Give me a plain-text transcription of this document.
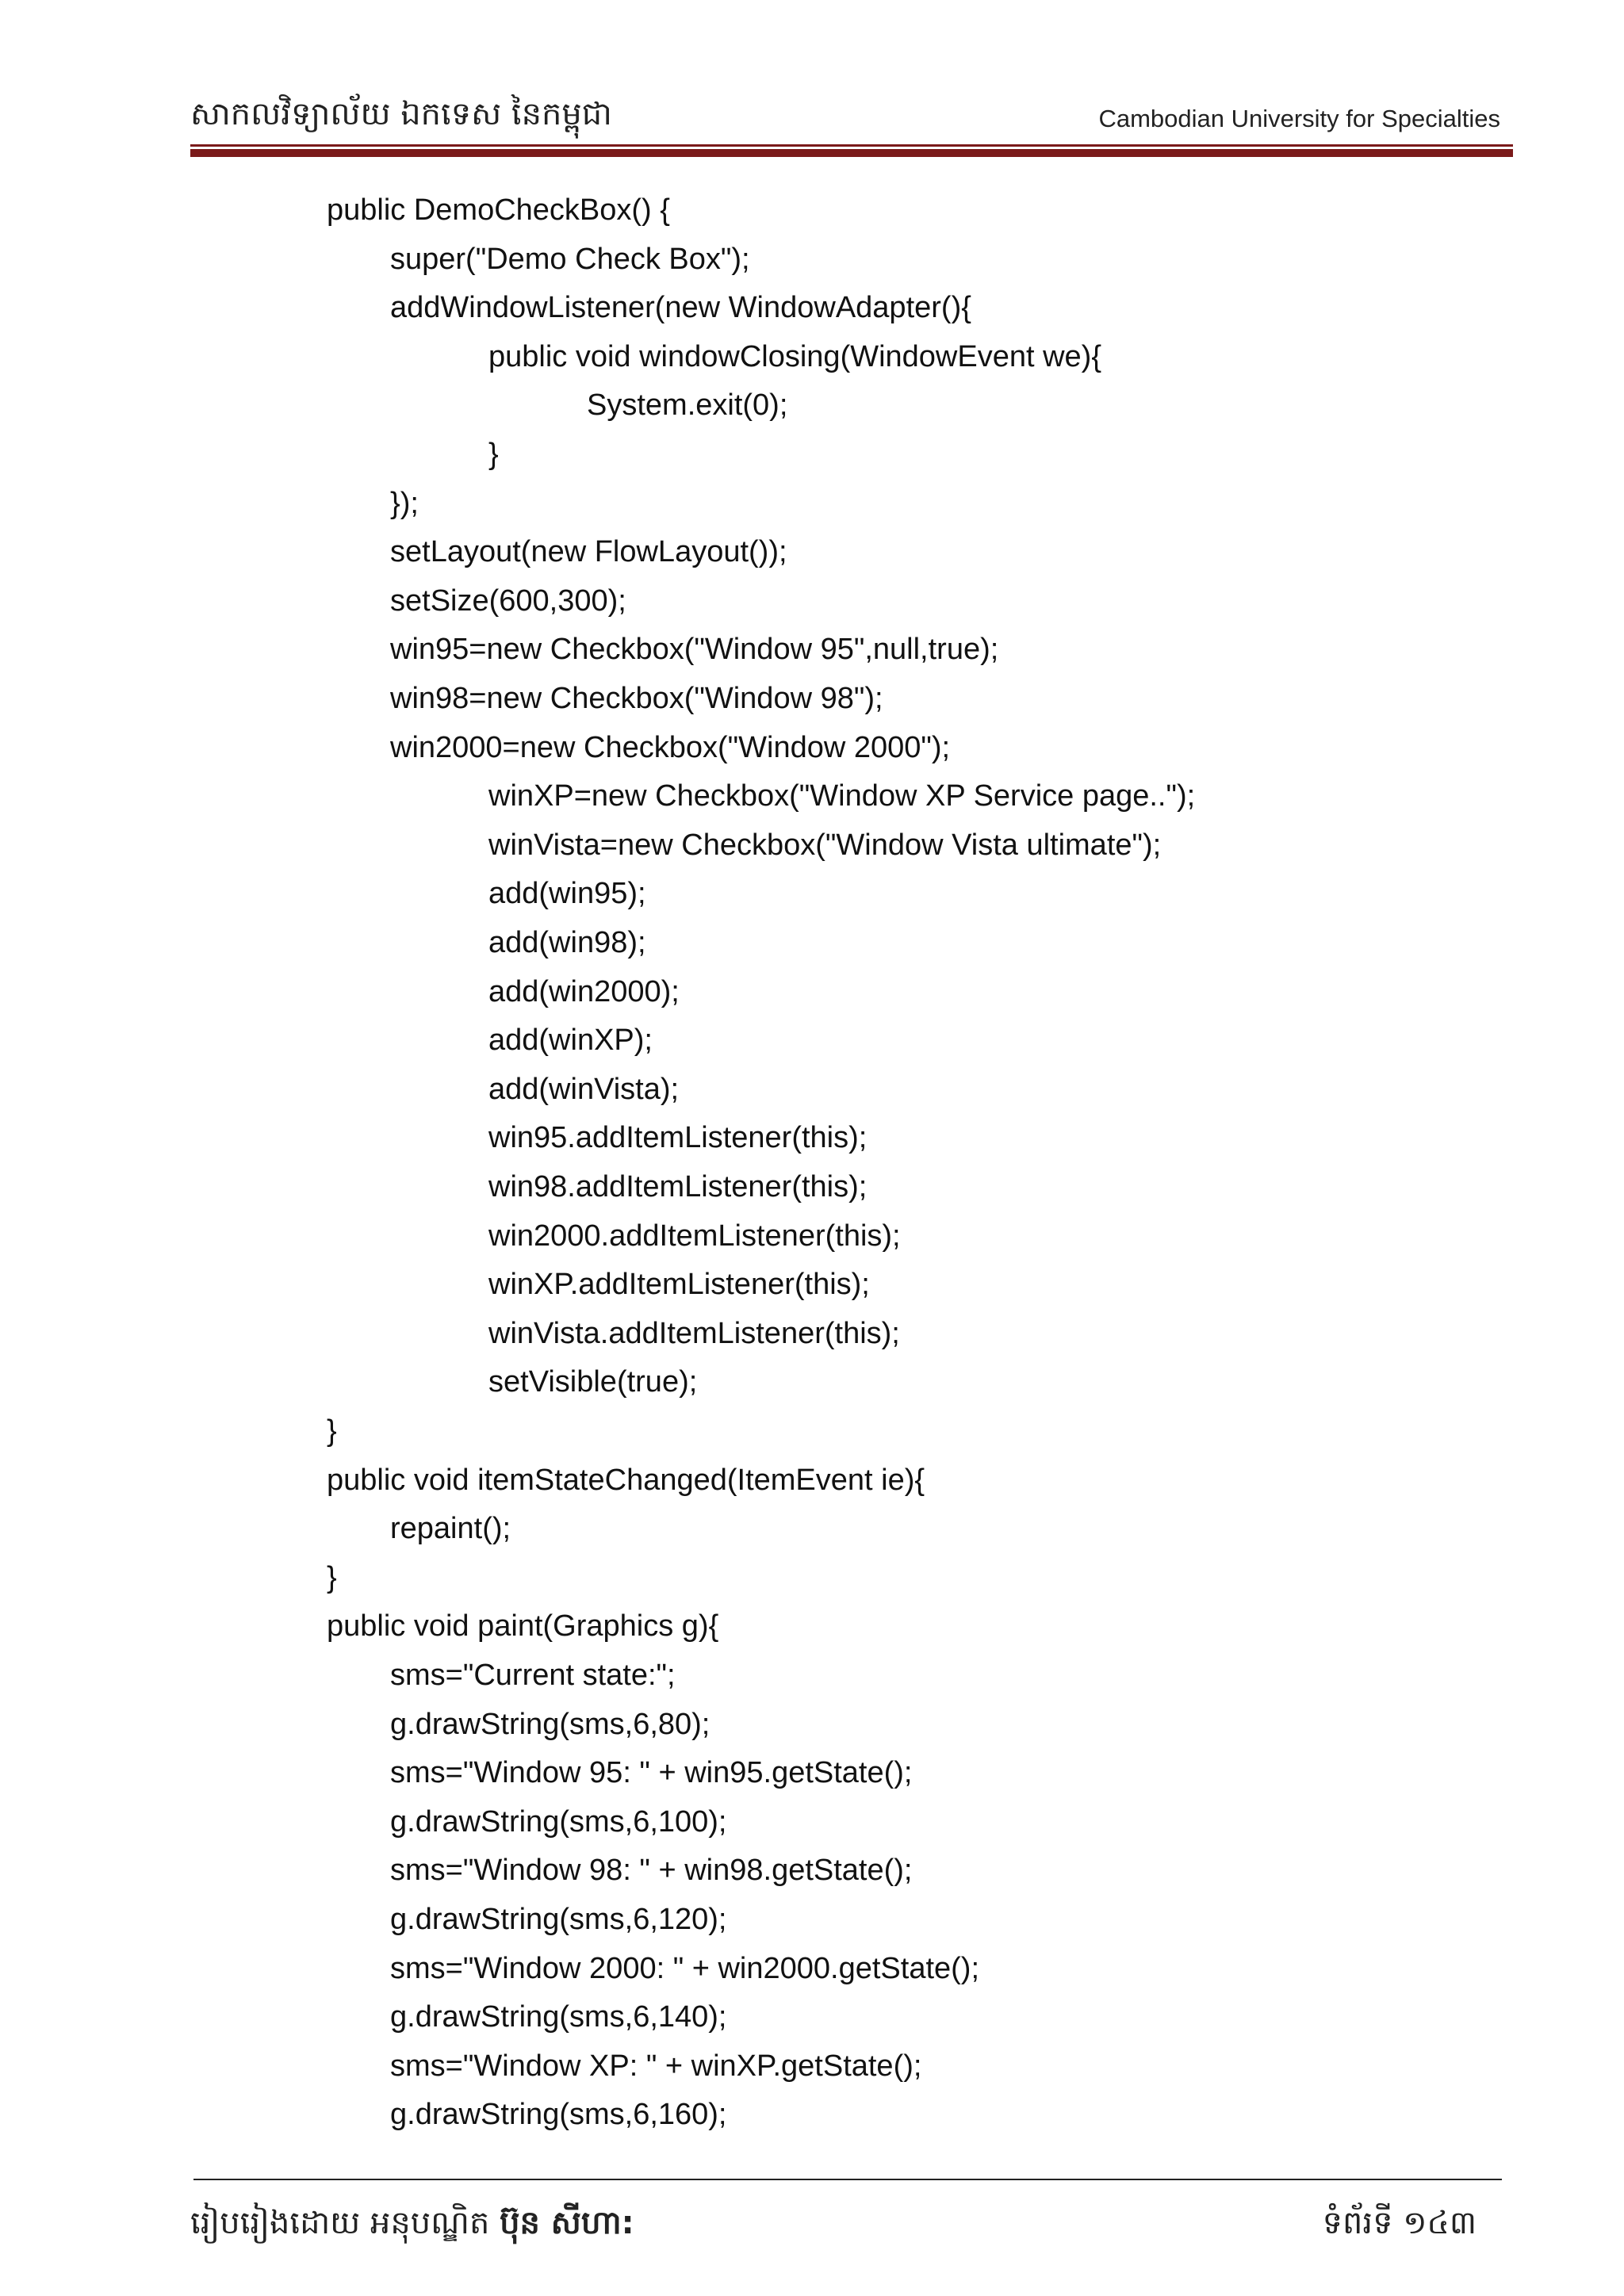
សាកលវិទ្យាល័យ ឯកទេស នៃកម្ពុជា	Cambodian University for Specialties
public DemoCheckBox() {
super("Demo Check Box");
addWindowListener(new WindowAdapter(){
public void windowClosing(WindowEvent we){
System.exit(0);
}
});
setLayout(new FlowLayout());
setSize(600,300);
win95=new Checkbox("Window 95",null,true);
win98=new Checkbox("Window 98");
win2000=new Checkbox("Window 2000");
winXP=new Checkbox("Window XP Service page..");
winVista=new Checkbox("Window Vista ultimate");
add(win95);
add(win98);
add(win2000);
add(winXP);
add(winVista);
win95.addItemListener(this);
win98.addItemListener(this);
win2000.addItemListener(this);
winXP.addItemListener(this);
winVista.addItemListener(this);
setVisible(true);
}
public void itemStateChanged(ItemEvent ie){
repaint();
}
public void paint(Graphics g){
sms="Current state:";
g.drawString(sms,6,80);
sms="Window 95: " + win95.getState();
g.drawString(sms,6,100);
sms="Window 98: " + win98.getState();
g.drawString(sms,6,120);
sms="Window 2000: " + win2000.getState();
g.drawString(sms,6,140);
sms="Window XP: " + winXP.getState();
g.drawString(sms,6,160);
រៀបរៀងដោយ អនុបណ្ឌិត ប៊ុន សីហា:	ទំព័រទី ១៤៣
